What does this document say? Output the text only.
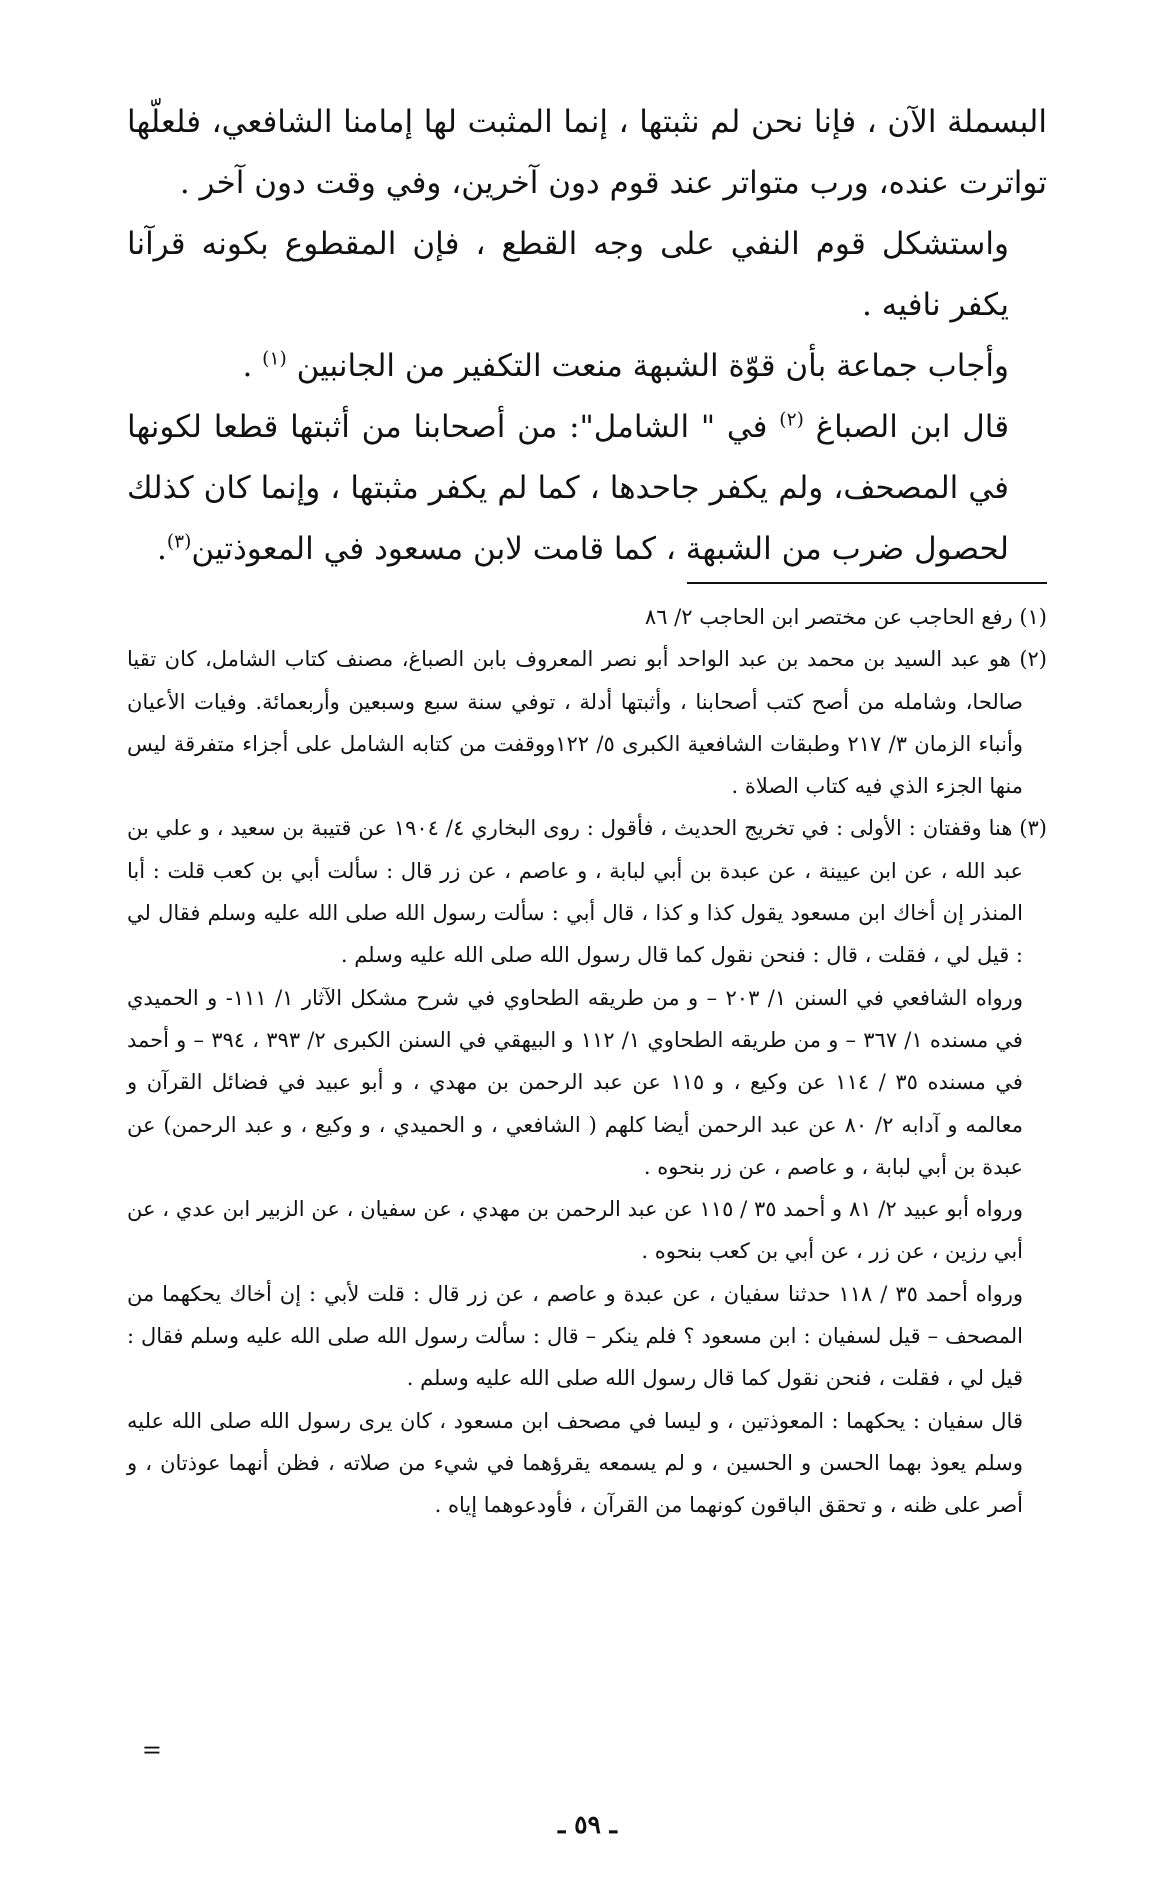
البسملة الآن ، فإنا نحن لم نثبتها ، إنما المثبت لها إمامنا الشافعي، فلعلّها تواترت عنده، ورب متواتر عند قوم دون آخرين، وفي وقت دون آخر .

واستشكل قوم النفي على وجه القطع ، فإن المقطوع بكونه قرآنا يكفر نافيه .

وأجاب جماعة بأن قوّة الشبهة منعت التكفير من الجانبين $^{(١)}$ .

قال ابن الصباغ $^{(٢)}$ في " الشامل": من أصحابنا من أثبتها قطعا لكونها في المصحف، ولم يكفر جاحدها ، كما لم يكفر مثبتها ، وإنما كان كذلك لحصول ضرب من الشبهة ، كما قامت لابن مسعود في المعوذتين$^{(٣)}$.

(١) رفع الحاجب عن مختصر ابن الحاجب ٢/ ٨٦

(٢) هو عبد السيد بن محمد بن عبد الواحد أبو نصر المعروف بابن الصباغ، مصنف كتاب الشامل، كان تقيا صالحا، وشامله من أصح كتب أصحابنا ، وأثبتها أدلة ، توفي سنة سبع وسبعين وأربعمائة. وفيات الأعيان وأنباء الزمان ٣/ ٢١٧ وطبقات الشافعية الكبرى ٥/ ١٢٢ووقفت من كتابه الشامل على أجزاء متفرقة ليس منها الجزء الذي فيه كتاب الصلاة .

(٣) هنا وقفتان : الأولى : في تخريج الحديث ، فأقول : روى البخاري ٤/ ١٩٠٤ عن قتيبة بن سعيد ، و علي بن عبد الله ، عن ابن عيينة ، عن عبدة بن أبي لبابة ، و عاصم ، عن زر قال : سألت أبي بن كعب قلت : أبا المنذر إن أخاك ابن مسعود يقول كذا و كذا ، قال أبي : سألت رسول الله صلى الله عليه وسلم فقال لي : قيل لي ، فقلت ، قال : فنحن نقول كما قال رسول الله صلى الله عليه وسلم .

ورواه الشافعي في السنن ١/ ٢٠٣ – و من طريقه الطحاوي في شرح مشكل الآثار ١/ ١١١- و الحميدي في مسنده ١/ ٣٦٧ – و من طريقه الطحاوي ١/ ١١٢ و البيهقي في السنن الكبرى ٢/ ٣٩٣ ، ٣٩٤ – و أحمد في مسنده ٣٥ / ١١٤ عن وكيع ، و ١١٥ عن عبد الرحمن بن مهدي ، و أبو عبيد في فضائل القرآن و معالمه و آدابه ٢/ ٨٠ عن عبد الرحمن أيضا كلهم ( الشافعي ، و الحميدي ، و وكيع ، و عبد الرحمن) عن عبدة بن أبي لبابة ، و عاصم ، عن زر بنحوه .

ورواه أبو عبيد ٢/ ٨١ و أحمد ٣٥ / ١١٥ عن عبد الرحمن بن مهدي ، عن سفيان ، عن الزبير ابن عدي ، عن أبي رزين ، عن زر ، عن أبي بن كعب بنحوه .

ورواه أحمد ٣٥ / ١١٨ حدثنا سفيان ، عن عبدة و عاصم ، عن زر قال : قلت لأبي : إن أخاك يحكهما من المصحف – قيل لسفيان : ابن مسعود ؟ فلم ينكر – قال : سألت رسول الله صلى الله عليه وسلم فقال : قيل لي ، فقلت ، فنحن نقول كما قال رسول الله صلى الله عليه وسلم .

قال سفيان : يحكهما : المعوذتين ، و ليسا في مصحف ابن مسعود ، كان يرى رسول الله صلى الله عليه وسلم يعوذ بهما الحسن و الحسين ، و لم يسمعه يقرؤهما في شيء من صلاته ، فظن أنهما عوذتان ، و أصر على ظنه ، و تحقق الباقون كونهما من القرآن ، فأودعوهما إياه .

=
ـ ٥٩ ـ
